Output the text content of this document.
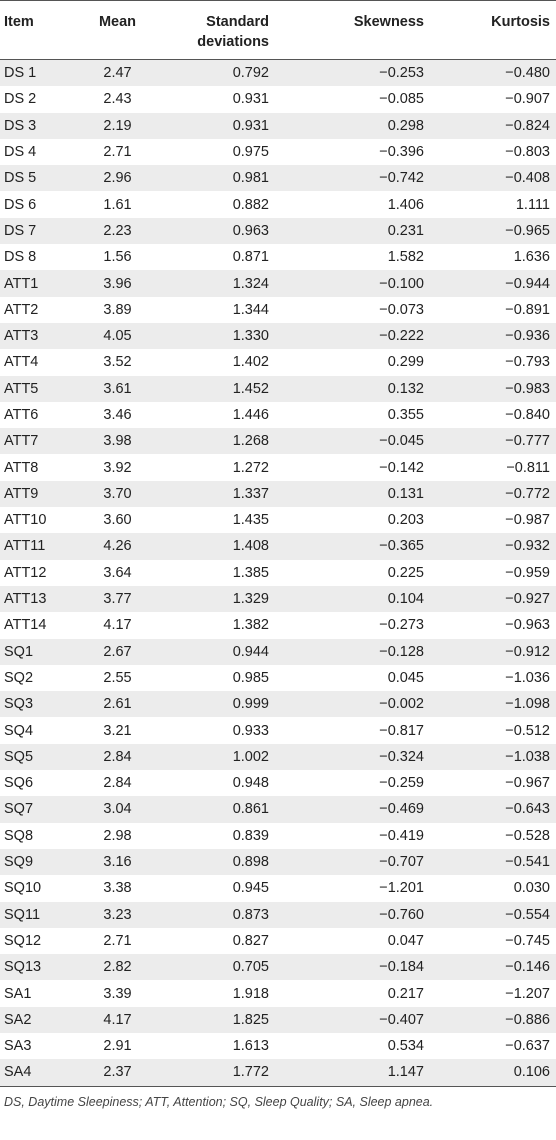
Item	Mean	Standard deviations	Skewness	Kurtosis
DS 1	2.47	0.792	−0.253	−0.480
DS 2	2.43	0.931	−0.085	−0.907
DS 3	2.19	0.931	0.298	−0.824
DS 4	2.71	0.975	−0.396	−0.803
DS 5	2.96	0.981	−0.742	−0.408
DS 6	1.61	0.882	1.406	1.111
DS 7	2.23	0.963	0.231	−0.965
DS 8	1.56	0.871	1.582	1.636
ATT1	3.96	1.324	−0.100	−0.944
ATT2	3.89	1.344	−0.073	−0.891
ATT3	4.05	1.330	−0.222	−0.936
ATT4	3.52	1.402	0.299	−0.793
ATT5	3.61	1.452	0.132	−0.983
ATT6	3.46	1.446	0.355	−0.840
ATT7	3.98	1.268	−0.045	−0.777
ATT8	3.92	1.272	−0.142	−0.811
ATT9	3.70	1.337	0.131	−0.772
ATT10	3.60	1.435	0.203	−0.987
ATT11	4.26	1.408	−0.365	−0.932
ATT12	3.64	1.385	0.225	−0.959
ATT13	3.77	1.329	0.104	−0.927
ATT14	4.17	1.382	−0.273	−0.963
SQ1	2.67	0.944	−0.128	−0.912
SQ2	2.55	0.985	0.045	−1.036
SQ3	2.61	0.999	−0.002	−1.098
SQ4	3.21	0.933	−0.817	−0.512
SQ5	2.84	1.002	−0.324	−1.038
SQ6	2.84	0.948	−0.259	−0.967
SQ7	3.04	0.861	−0.469	−0.643
SQ8	2.98	0.839	−0.419	−0.528
SQ9	3.16	0.898	−0.707	−0.541
SQ10	3.38	0.945	−1.201	0.030
SQ11	3.23	0.873	−0.760	−0.554
SQ12	2.71	0.827	0.047	−0.745
SQ13	2.82	0.705	−0.184	−0.146
SA1	3.39	1.918	0.217	−1.207
SA2	4.17	1.825	−0.407	−0.886
SA3	2.91	1.613	0.534	−0.637
SA4	2.37	1.772	1.147	0.106
DS, Daytime Sleepiness; ATT, Attention; SQ, Sleep Quality; SA, Sleep apnea.
